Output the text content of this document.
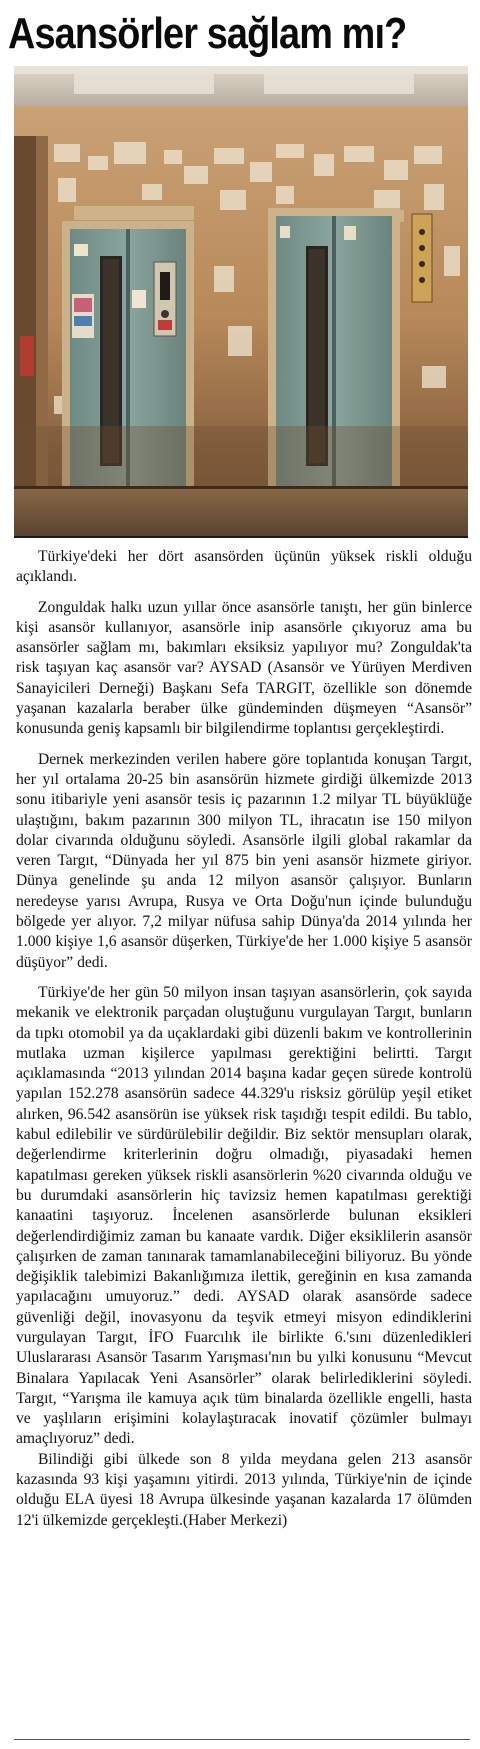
Asansörler sağlam mı?

Türkiye'deki her dört asansörden üçünün yüksek riskli olduğu açıklandı.

Zonguldak halkı uzun yıllar önce asansörle tanıştı, her gün binlerce kişi asansör kullanıyor, asansörle inip asansörle çıkıyoruz ama bu asansörler sağlam mı, bakımları eksiksiz yapılıyor mu? Zonguldak'ta risk taşıyan kaç asansör var? AYSAD (Asansör ve Yürüyen Merdiven Sanayicileri Derneği) Başkanı Sefa TARGIT, özellikle son dönemde yaşanan kazalarla beraber ülke gündeminden düşmeyen “Asansör” konusunda geniş kapsamlı bir bilgilendirme toplantısı gerçekleştirdi.

Dernek merkezinden verilen habere göre toplantıda konuşan Targıt, her yıl ortalama 20-25 bin asansörün hizmete girdiği ülkemizde 2013 sonu itibariyle yeni asansör tesis iç pazarının 1.2 milyar TL büyüklüğe ulaştığını, bakım pazarının 300 milyon TL, ihracatın ise 150 milyon dolar civarında olduğunu söyledi. Asansörle ilgili global rakamlar da veren Targıt, “Dünyada her yıl 875 bin yeni asansör hizmete giriyor. Dünya genelinde şu anda 12 milyon asansör çalışıyor. Bunların neredeyse yarısı Avrupa, Rusya ve Orta Doğu'nun içinde bulunduğu bölgede yer alıyor. 7,2 milyar nüfusa sahip Dünya'da 2014 yılında her 1.000 kişiye 1,6 asansör düşerken, Türkiye'de her 1.000 kişiye 5 asansör düşüyor” dedi.

Türkiye'de her gün 50 milyon insan taşıyan asansörlerin, çok sayıda mekanik ve elektronik parçadan oluştuğunu vurgulayan Targıt, bunların da tıpkı otomobil ya da uçaklardaki gibi düzenli bakım ve kontrollerinin mutlaka uzman kişilerce yapılması gerektiğini belirtti. Targıt açıklamasında “2013 yılından 2014 başına kadar geçen sürede kontrolü yapılan 152.278 asansörün sadece 44.329'u risksiz görülüp yeşil etiket alırken, 96.542 asansörün ise yüksek risk taşıdığı tespit edildi. Bu tablo, kabul edilebilir ve sürdürülebilir değildir. Biz sektör mensupları olarak, değerlendirme kriterlerinin doğru olmadığı, piyasadaki hemen kapatılması gereken yüksek riskli asansörlerin %20 civarında olduğu ve bu durumdaki asansörlerin hiç tavizsiz hemen kapatılması gerektiği kanaatini taşıyoruz. İncelenen asansörlerde bulunan eksikleri değerlendirdiğimiz zaman bu kanaate vardık. Diğer eksiklilerin asansör çalışırken de zaman tanınarak tamamlanabileceğini biliyoruz. Bu yönde değişiklik talebimizi Bakanlığımıza ilettik, gereğinin en kısa zamanda yapılacağını umuyoruz.” dedi. AYSAD olarak asansörde sadece güvenliği değil, inovasyonu da teşvik etmeyi misyon edindiklerini vurgulayan Targıt, İFO Fuarcılık ile birlikte 6.'sını düzenledikleri Uluslararası Asansör Tasarım Yarışması'nın bu yılki konusunu “Mevcut Binalara Yapılacak Yeni Asansörler” olarak belirlediklerini söyledi. Targıt, “Yarışma ile kamuya açık tüm binalarda özellikle engelli, hasta ve yaşlıların erişimini kolaylaştıracak inovatif çözümler bulmayı amaçlıyoruz” dedi.

Bilindiği gibi ülkede son 8 yılda meydana gelen 213 asansör kazasında 93 kişi yaşamını yitirdi. 2013 yılında, Türkiye'nin de içinde olduğu ELA üyesi 18 Avrupa ülkesinde yaşanan kazalarda 17 ölümden 12'i ülkemizde gerçekleşti.(Haber Merkezi)
